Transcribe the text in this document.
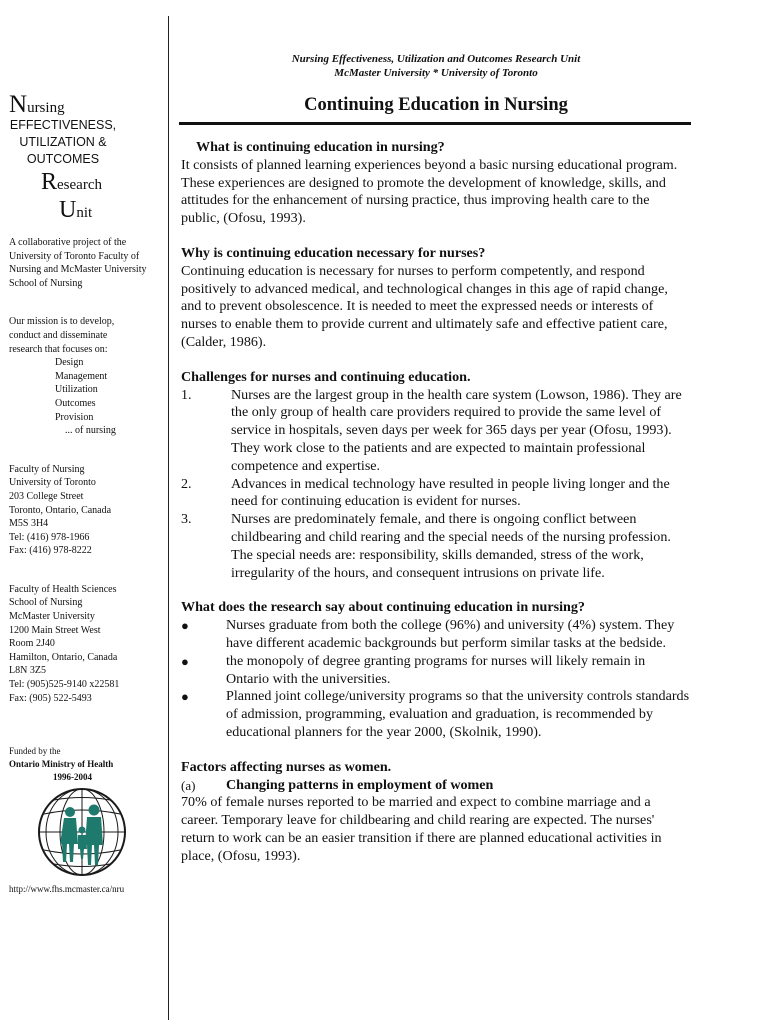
Nursing
EFFECTIVENESS,
UTILIZATION &
OUTCOMES
Research
Unit
A collaborative project of the University of Toronto Faculty of Nursing and McMaster University School of Nursing
Our mission is to develop, conduct and disseminate research that focuses on:
Design
Management
Utilization
Outcomes
Provision
... of nursing
Faculty of Nursing
University of Toronto
203 College Street
Toronto, Ontario, Canada
M5S 3H4
Tel: (416) 978-1966
Fax: (416) 978-8222
Faculty of Health Sciences
School of Nursing
McMaster University
1200 Main Street West
Room 2J40
Hamilton, Ontario, Canada
L8N 3Z5
Tel: (905)525-9140 x22581
Fax: (905) 522-5493
Funded by the
Ontario Ministry of Health
1996-2004
http://www.fhs.mcmaster.ca/nru
Nursing Effectiveness, Utilization and Outcomes Research Unit
McMaster University * University of Toronto
Continuing Education in Nursing
What is continuing education in nursing?
It consists of planned learning experiences beyond a basic nursing educational program. These experiences are designed to promote the development of knowledge, skills, and attitudes for the enhancement of nursing practice, thus improving health care to the public, (Ofosu, 1993).
Why is continuing education necessary for nurses?
Continuing education is necessary for nurses to perform competently, and respond positively to advanced medical, and technological changes in this age of rapid change, and to prevent obsolescence. It is needed to meet the expressed needs or interests of nurses to enable them to provide current and ultimately safe and effective patient care, (Calder, 1986).
Challenges for nurses and continuing education.
1.	Nurses are the largest group in the health care system (Lowson, 1986). They are the only group of health care providers required to provide the same level of service in hospitals, seven days per week for 365 days per year (Ofosu, 1993). They work close to the patients and are expected to maintain professional competence and expertise.
2.	Advances in medical technology have resulted in people living longer and the need for continuing education is evident for nurses.
3.	Nurses are predominately female, and there is ongoing conflict between childbearing and child rearing and the special needs of the nursing profession. The special needs are: responsibility, skills demanded, stress of the work, irregularity of the hours, and consequent intrusions on private life.
What does the research say about continuing education in nursing?
●	Nurses graduate from both the college (96%) and university (4%) system. They have different academic backgrounds but perform similar tasks at the bedside.
●	the monopoly of degree granting programs for nurses will likely remain in Ontario with the universities.
●	Planned joint college/university programs so that the university controls standards of admission, programming, evaluation and graduation, is recommended by educational planners for the year 2000, (Skolnik, 1990).
Factors affecting nurses as women.
(a)	Changing patterns in employment of women
70% of female nurses reported to be married and expect to combine marriage and a career. Temporary leave for childbearing and child rearing are expected. The nurses' return to work can be an easier transition if there are planned educational activities in place, (Ofosu, 1993).
